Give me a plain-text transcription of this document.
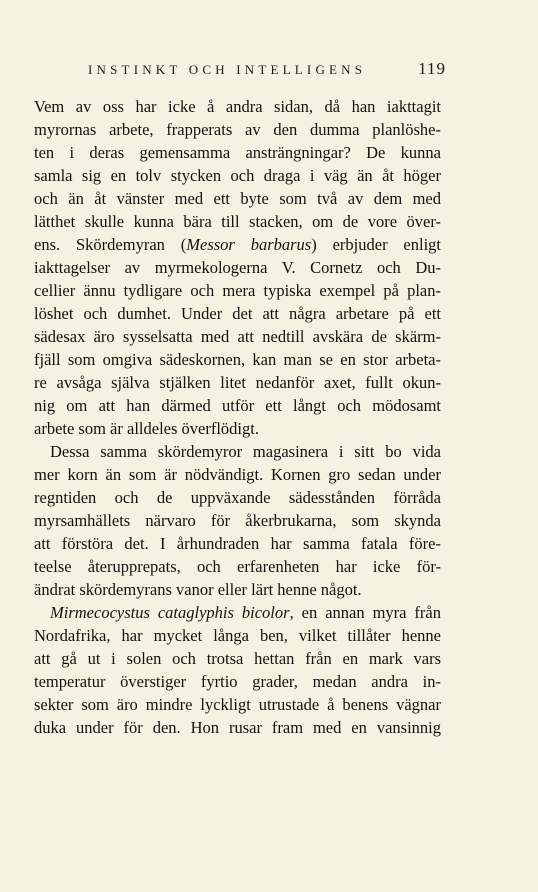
INSTINKT OCH INTELLIGENS	119
Vem av oss har icke å andra sidan, då han iakttagit
myrornas arbete, frapperats av den dumma planlöshe-
ten i deras gemensamma ansträngningar? De kunna
samla sig en tolv stycken och draga i väg än åt höger
och än åt vänster med ett byte som två av dem med
lätthet skulle kunna bära till stacken, om de vore över-
ens. Skördemyran (Messor barbarus) erbjuder enligt
iakttagelser av myrmekologerna V. Cornetz och Du-
cellier ännu tydligare och mera typiska exempel på plan-
löshet och dumhet. Under det att några arbetare på ett
sädesax äro sysselsatta med att nedtill avskära de skärm-
fjäll som omgiva sädeskornen, kan man se en stor arbeta-
re avsåga själva stjälken litet nedanför axet, fullt okun-
nig om att han därmed utför ett långt och mödosamt
arbete som är alldeles överflödigt.
Dessa samma skördemyror magasinera i sitt bo vida
mer korn än som är nödvändigt. Kornen gro sedan under
regntiden och de uppväxande sädesstånden förråda
myrsamhällets närvaro för åkerbrukarna, som skynda
att förstöra det. I århundraden har samma fatala före-
teelse återupprepats, och erfarenheten har icke för-
ändrat skördemyrans vanor eller lärt henne något.
Mirmecocystus cataglyphis bicolor, en annan myra från
Nordafrika, har mycket långa ben, vilket tillåter henne
att gå ut i solen och trotsa hettan från en mark vars
temperatur överstiger fyrtio grader, medan andra in-
sekter som äro mindre lyckligt utrustade å benens vägnar
duka under för den. Hon rusar fram med en vansinnig
